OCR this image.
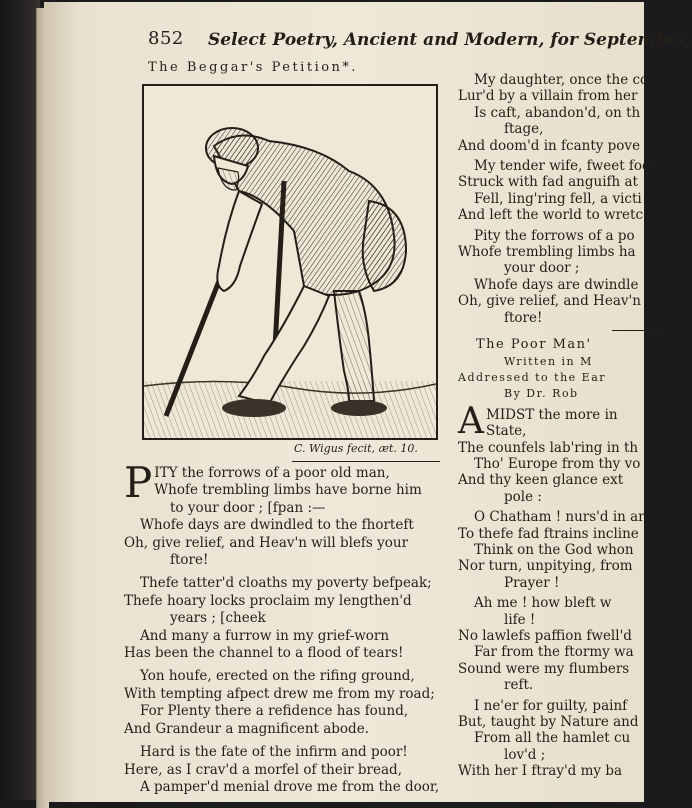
852 Select Poetry, Ancient and Modern, for September,
The Beggar's Petition*.
C. Wigus fecit, ӕt. 10.
P ITY the forrows of a poor old man,
Whofe trembling limbs have borne him
to your door ; [fpan :—
Whofe days are dwindled to the fhorteft
Oh, give relief, and Heav'n will blefs your
ftore!
Thefe tatter'd cloaths my poverty befpeak;
Thefe hoary locks proclaim my lengthen'd
years ; [cheek
And many a furrow in my grief-worn
Has been the channel to a flood of tears!
Yon houfe, erected on the rifing ground,
With tempting afpect drew me from my road;
For Plenty there a refidence has found,
And Grandeur a magnificent abode.
Hard is the fate of the infirm and poor!
Here, as I crav'd a morfel of their bread,
A pamper'd menial drove me from the door,
My daughter, once the co
Lur'd by a villain from her
Is caft, abandon'd, on th
ftage,
And doom'd in fcanty pove
My tender wife, fweet foo
Struck with fad anguifh at
Fell, ling'ring fell, a victi
And left the world to wretc
Pity the forrows of a po
Whofe trembling limbs ha
your door ;
Whofe days are dwindle
Oh, give relief, and Heav'n
ftore!
The Poor Man'
Written in M
Addressed to the Ear
By Dr. Rob
A MIDST the more in
State,
The counfels lab'ring in th
Tho' Europe from thy vo
And thy keen glance ext
pole :
O Chatham ! nurs'd in ar
To thefe fad ftrains incline
Think on the God whon
Nor turn, unpitying, from
Prayer !
Ah me ! how bleft w
life !
No lawlefs paffion fwell'd
Far from the ftormy wa
Sound were my flumbers
reft.
I ne'er for guilty, painf
But, taught by Nature and
From all the hamlet cu
lov'd ;
With her I ftray'd my ba
